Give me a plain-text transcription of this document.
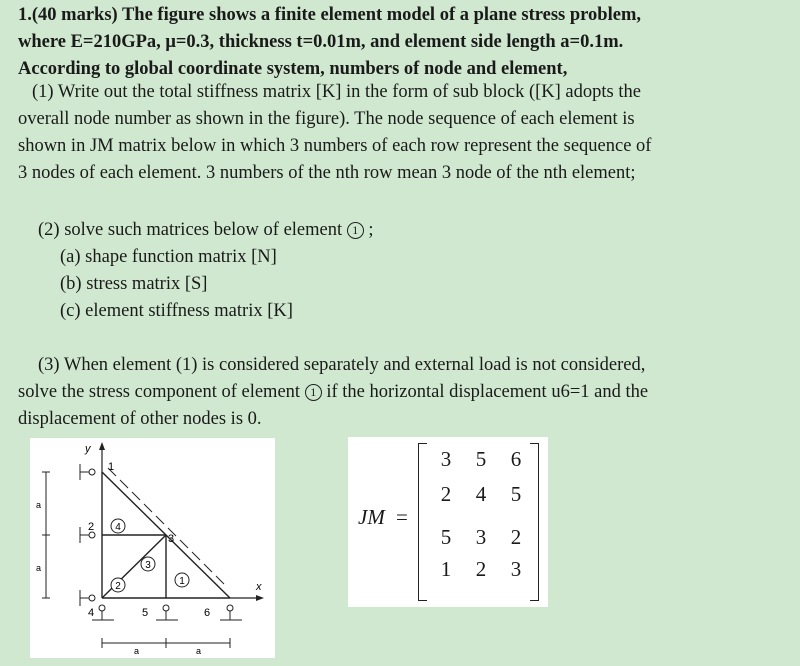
1.(40 marks) The figure shows a finite element model of a plane stress problem,
where E=210GPa, μ=0.3, thickness t=0.01m, and element side length a=0.1m.
According to global coordinate system, numbers of node and element,
(1) Write out the total stiffness matrix [K] in the form of sub block ([K] adopts the
overall node number as shown in the figure). The node sequence of each element is
shown in JM matrix below in which 3 numbers of each row represent the sequence of
3 nodes of each element. 3 numbers of the nth row mean 3 node of the nth element;
(2) solve such matrices below of element 1 ;
(a) shape function matrix [N]
(b) stress matrix [S]
(c) element stiffness matrix [K]
(3) When element (1) is considered separately and external load is not considered,
solve the stress component of element 1 if the horizontal displacement u6=1 and the
displacement of other nodes is 0.
y
x
a
a
a	a
1
2
3
4	5	6
4
3
2	1
JM =
3	5	6
2	4	5
5	3	2
1	2	3
